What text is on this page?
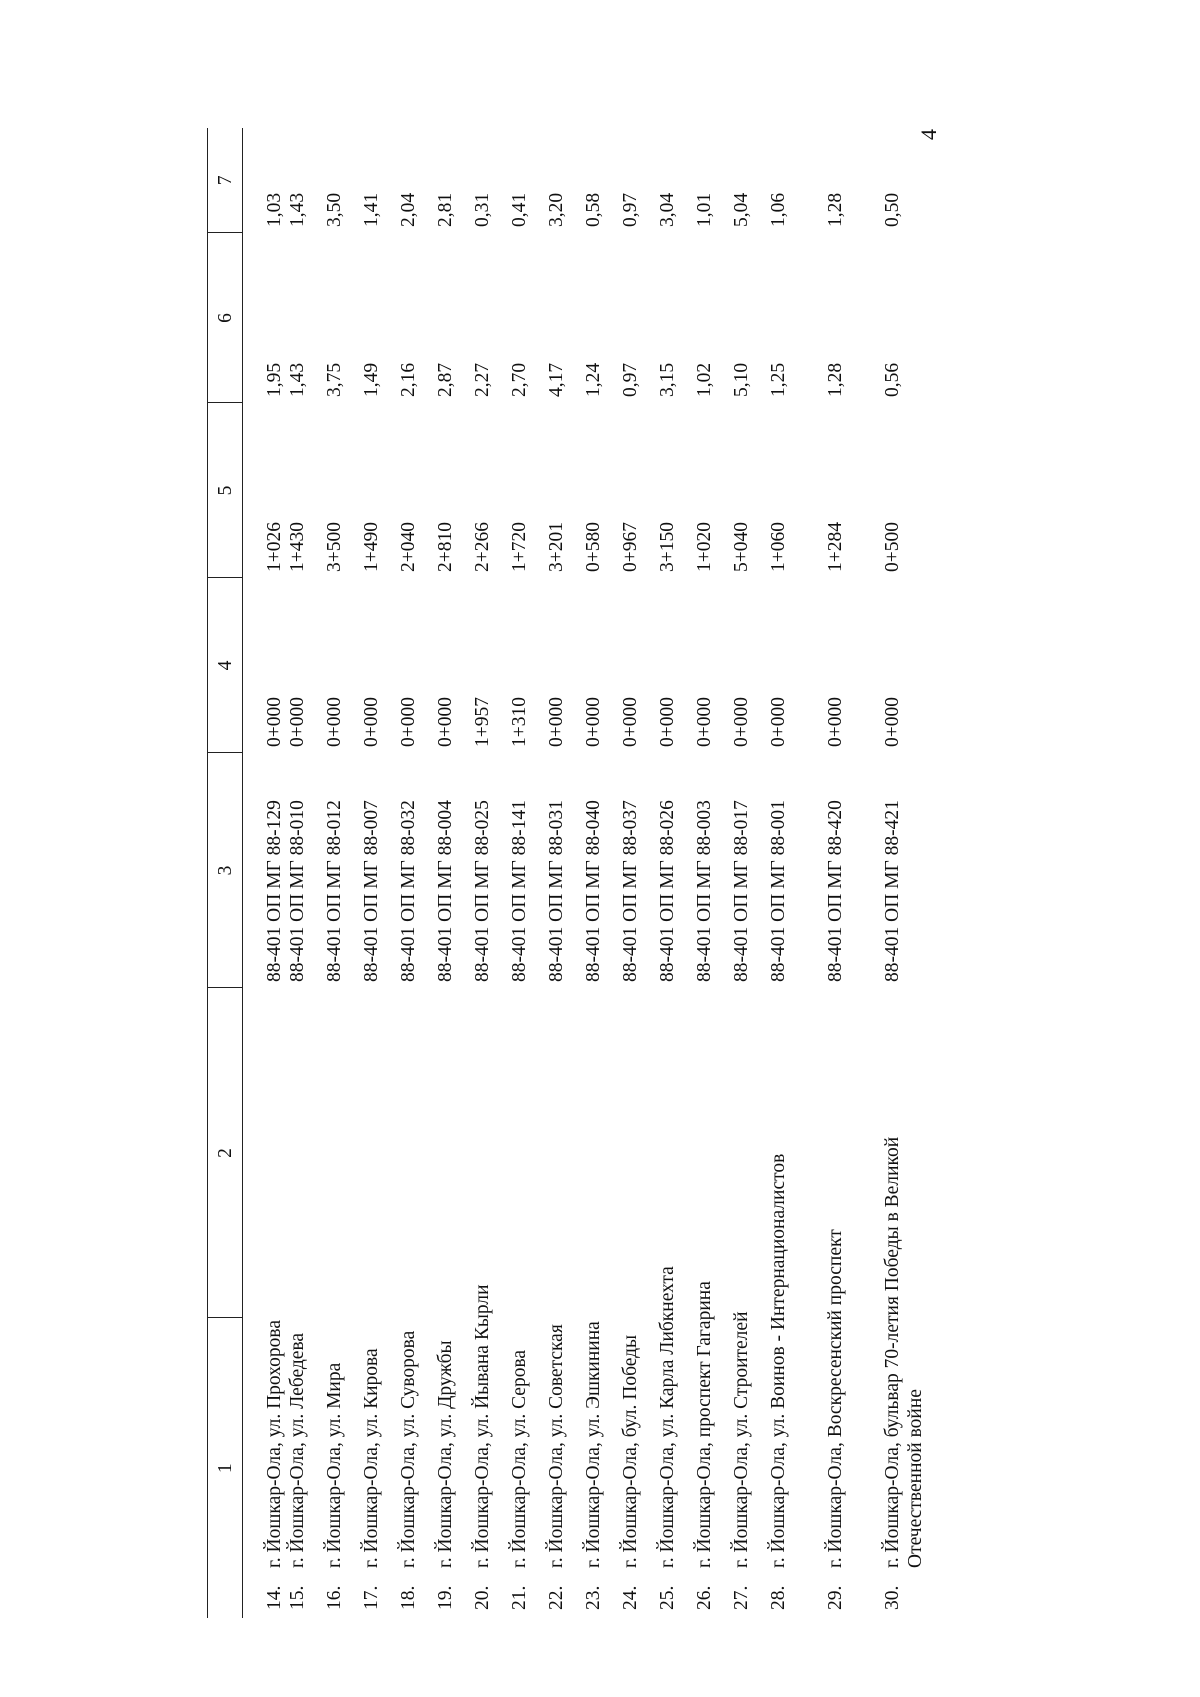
4
1	2	3	4	5	6	7
14.г. Йошкар-Ола, ул. Прохорова		88-401 ОП МГ 88-129	0+000	1+026	1,95	1,03
15.г. Йошкар-Ола, ул. Лебедева		88-401 ОП МГ 88-010	0+000	1+430	1,43	1,43
16.г. Йошкар-Ола, ул. Мира		88-401 ОП МГ 88-012	0+000	3+500	3,75	3,50
17.г. Йошкар-Ола, ул. Кирова		88-401 ОП МГ 88-007	0+000	1+490	1,49	1,41
18.г. Йошкар-Ола, ул. Суворова		88-401 ОП МГ 88-032	0+000	2+040	2,16	2,04
19.г. Йошкар-Ола, ул. Дружбы		88-401 ОП МГ 88-004	0+000	2+810	2,87	2,81
20.г. Йошкар-Ола, ул. Йывана Кырли		88-401 ОП МГ 88-025	1+957	2+266	2,27	0,31
21.г. Йошкар-Ола, ул. Серова		88-401 ОП МГ 88-141	1+310	1+720	2,70	0,41
22.г. Йошкар-Ола, ул. Советская		88-401 ОП МГ 88-031	0+000	3+201	4,17	3,20
23.г. Йошкар-Ола, ул. Эшкинина		88-401 ОП МГ 88-040	0+000	0+580	1,24	0,58
24.г. Йошкар-Ола, бул. Победы		88-401 ОП МГ 88-037	0+000	0+967	0,97	0,97
25.г. Йошкар-Ола, ул. Карла Либкнехта		88-401 ОП МГ 88-026	0+000	3+150	3,15	3,04
26.г. Йошкар-Ола, проспект Гагарина		88-401 ОП МГ 88-003	0+000	1+020	1,02	1,01
27.г. Йошкар-Ола, ул. Строителей		88-401 ОП МГ 88-017	0+000	5+040	5,10	5,04
28.г. Йошкар-Ола, ул. Воинов - Интернационалистов		88-401 ОП МГ 88-001	0+000	1+060	1,25	1,06
29.г. Йошкар-Ола, Воскресенский проспект		88-401 ОП МГ 88-420	0+000	1+284	1,28	1,28
30.г. Йошкар-Ола, бульвар 70-летия Победы в Великой Отечественной войне		88-401 ОП МГ 88-421	0+000	0+500	0,56	0,50
